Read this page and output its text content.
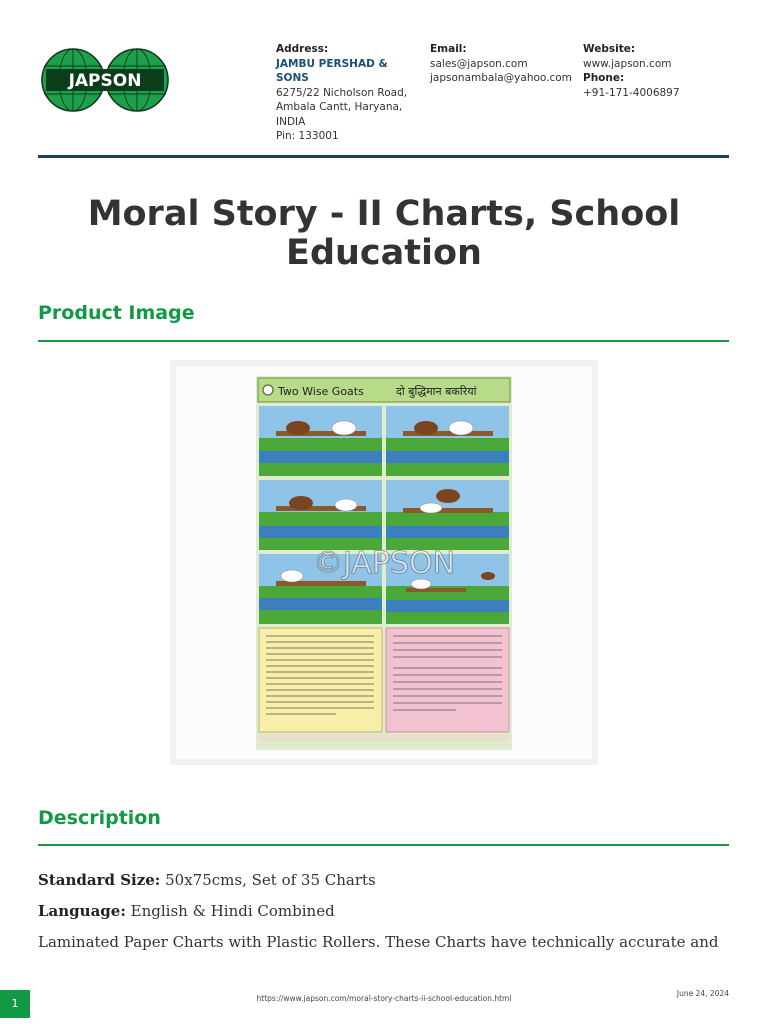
JAPSON
Address:
JAMBU PERSHAD & SONS
6275/22 Nicholson Road,
Ambala Cantt, Haryana,
INDIA
Pin: 133001
Email:
sales@japson.com
japsonambala@yahoo.com
Website:
www.japson.com
Phone:
+91-171-4006897
Moral Story - II Charts, School Education
Product Image
Two Wise Goats	दो बुद्धिमान बकरियां
©JAPSON
Description
Standard Size: 50x75cms, Set of 35 Charts
Language: English & Hindi Combined
Laminated Paper Charts with Plastic Rollers. These Charts have technically accurate and
1	https://www.japson.com/moral-story-charts-ii-school-education.html
June 24, 2024
